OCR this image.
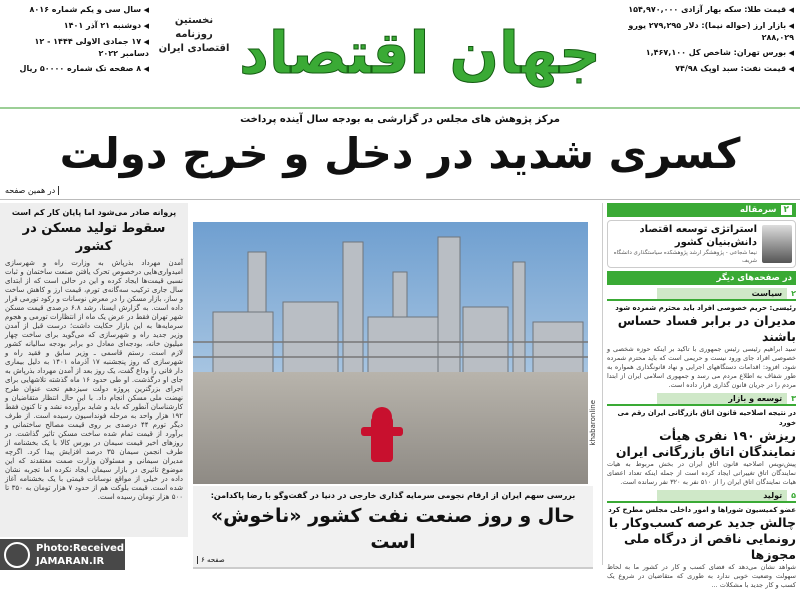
◀ قیمت طلا: سکه بهار آزادی ۱۵۴,۹۷۰,۰۰۰
◀ بازار ارز (حواله نیما): دلار ۲۷۹,۲۹۵ یورو ۲۸۸,۰۲۹
◀ بورس تهران: شاخص کل ۱,۴۶۷,۱۰۰
◀ قیمت نفت: سبد اوپک ۷۴/۹۸
جهان اقتصاد
نخستین روزنامه اقتصادی ایران
◀ سال سی و یکم شماره ۸۰۱۶
◀ دوشنبه ۲۱ آذر ۱۴۰۱
◀ ۱۷ جمادی الاولی ۱۴۴۴ - ۱۲ دسامبر ۲۰۲۲
◀ ۸ صفحه تک شماره ۵۰۰۰۰ ریال
مرکز پژوهش های مجلس در گزارشی به بودجه سال آینده پرداخت
کسری شدید در دخل و خرج دولت
در همین صفحه
پروانه صادر می‌شود اما پایان کار کم است
سقوط تولید مسکن در کشور

آمدن مهرداد بذرپاش به وزارت راه و شهرسازی امیدواری‌هایی درخصوص تحرک یافتن صنعت ساختمان و ثبات نسبی قیمت‌ها ایجاد کرده و این در حالی است که از ابتدای سال جاری ترکیب سه‌گانه‌ی تورم، قیمت ارز و کاهش ساخت و ساز، بازار مسکن را در معرض نوسانات و رکود تورمی قرار داده است. به گزارش ایسنا، رشد ۶.۸ درصدی قیمت مسکن شهر تهران فقط در عرض یک ماه از انتظارات تورمی و هجوم سرمایه‌ها به این بازار حکایت داشت؛ درست قبل از آمدن وزیر جدید راه و شهرسازی که می‌گوید برای ساخت چهار میلیون خانه، بودجه‌ای معادل دو برابر بودجه سالیانه کشور لازم است. رستم قاسمی ـ وزیر سابق و فقید راه و شهرسازی که روز پنجشنبه ۱۷ آذرماه ۱۴۰۱ به دلیل بیماری دار فانی را وداع گفت، یک روز بعد از آمدن مهرداد بذرپاش به جای او درگذشت. او طی حدود ۱۶ ماه گذشته تلاشهایی برای اجرای بزرگترین پروژه دولت سیزدهم تحت عنوان طرح نهضت ملی مسکن انجام داد. با این حال انتظار متقاضیان و کارشناسان آنطور که باید و شاید برآورده نشد و تا کنون فقط ۱۹۲ هزار واحد به مرحله فونداسیون رسیده است. از طرف دیگر تورم ۴۴ درصدی بر روی قیمت مصالح ساختمانی و برآورد از قیمت تمام شده ساخت مسکن تاثیر گذاشت. در روزهای اخیر قیمت سیمان در بورس کالا با یک بخشنامه از طرف انجمن سیمان ۳۵ درصد افزایش پیدا کرد. اگرچه مدیران سیمانی و مسئولان وزارت صمت معتقدند که این موضوع تاثیری در بازار سیمان ایجاد نکرده اما تجربه نشان داده در خیلی از مواقع نوسانات قیمتی با یک بخشنامه آغاز شده است. قیمت بلوکت هم از حدود ۷ هزار تومان به ۳۵۰ تا ۵۰۰ هزار تومان رسیده است.

khabaronline
بررسی سهم ایران از ارقام نجومی سرمایه گذاری خارجی در دنیا در گفت‌وگو با رضا پاکدامن:
حال و روز صنعت نفت کشور «ناخوش» است
صفحه ۶
۲
سرمقاله
استراتژی توسعه اقتصاد دانش‌بنیان کشور
نیما شجاعی - پژوهشگر ارشد پژوهشکده سیاستگذاری دانشگاه شریف
در صفحه‌های دیگر
۲
سیاست
رئیسی: حریم خصوصی افراد باید محترم شمرده شود
مدیران در برابر فساد حساس باشند
سید ابراهیم رئیسی رئیس جمهوری با تاکید بر اینکه حوزه شخصی و خصوصی افراد جای ورود نیست و حریمی است که باید محترم شمرده شود، افزود: اقدامات دستگاههای اجرایی و نهاد قانونگذاری همواره به طور شفاف به اطلاع مردم می رسد و جمهوری اسلامی ایران از ابتدا مردم را در جریان قانون گذاری قرار داده است.
۳
توسعه و بازار
در نتیجه اصلاحیه قانون اتاق بازرگانی ایران رقم می خورد
ریزش ۱۹۰ نفری هیأت نمایندگان اتاق بازرگانی ایران
پیش‌نویس اصلاحیه قانون اتاق ایران در بخش مربوط به هیات نمایندگان اتاق تغییراتی ایجاد کرده است از جمله اینکه تعداد اعضای هیات نمایندگان اتاق ایران را از ۵۱۰ نفر به ۳۲۰ نفر رسانده است.
۵
تولید
عضو کمیسیون شوراها و امور داخلی مجلس مطرح کرد
چالش جدید عرصه کسب‌و‌کار با رونمایی ناقص از درگاه ملی مجوزها
شواهد نشان می‌دهد که فضای کسب و کار در کشور ما به لحاظ سهولت وضعیت خوبی ندارد به طوری که متقاضیان در شروع یک کسب و کار جدید با مشکلات ...
Photo:Received
JAMARAN.IR
